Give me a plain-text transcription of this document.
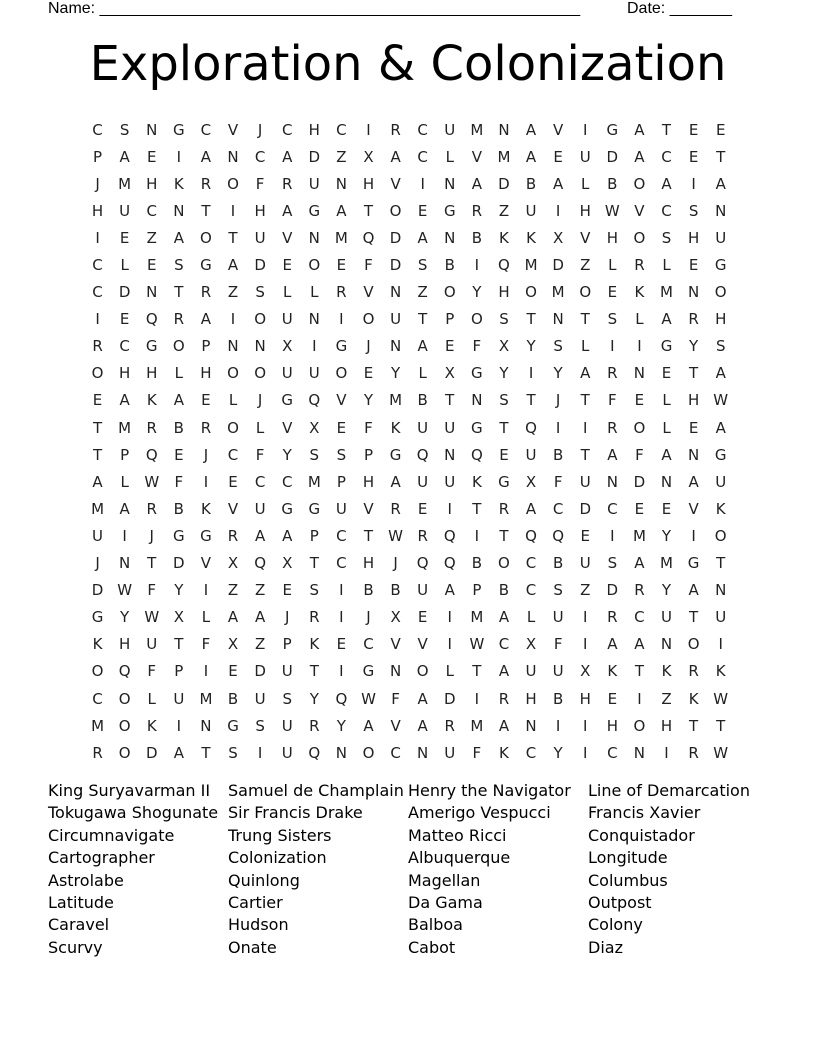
Name: ______________________________________________________	Date: _______
Exploration & Colonization
C	S	N	G	C	V	J	C	H	C	I	R	C	U	M	N	A	V	I	G	A	T	E	E
P	A	E	I	A	N	C	A	D	Z	X	A	C	L	V	M	A	E	U	D	A	C	E	T
J	M H	K	R	O	F	R	U	N	H	V	I	N	A	D	B	A	L	B	O	A	I	A
H	U	C	N	T	I	H	A	G	A	T	O	E	G	R	Z	U	I	H W V	C	S	N
I	E	Z	A	O	T	U	V	N	M Q	D	A	N	B	K	K	X	V	H	O	S	H	U
C	L	E	S	G	A	D	E	O	E	F	D	S	B	I	Q M D	Z	L	R	L	E	G
C	D	N	T	R	Z	S	L	L	R	V	N	Z	O	Y	H	O M O	E	K	M	N	O
I	E	Q	R	A	I	O	U	N	I	O	U	T	P	O	S	T	N	T	S	L	A	R	H
R	C	G	O	P	N	N	X	I	G	J	N	A	E	F	X	Y	S	L	I	I	G	Y	S
O	H	H	L	H	O	O	U	U	O	E	Y	L	X	G	Y	I	Y	A	R	N	E	T	A
E	A	K	A	E	L	J	G	Q	V	Y	M	B	T	N	S	T	J	T	F	E	L	H W
T	M	R	B	R	O	L	V	X	E	F	K	U	U	G	T	Q	I	I	R	O	L	E	A
T	P	Q	E	J	C	F	Y	S	S	P	G	Q	N	Q	E	U	B	T	A	F	A	N	G
A	L	W	F	I	E	C	C	M	P	H	A	U	U	K	G	X	F	U	N	D	N	A	U
M	A	R	B	K	V	U	G	G	U	V	R	E	I	T	R	A	C	D	C	E	E	V	K
U	I	J	G	G	R	A	A	P	C	T	W R	Q	I	T	Q	Q	E	I	M	Y	I	O
J	N	T	D	V	X	Q	X	T	C	H	J	Q	Q	B	O	C	B	U	S	A	M G	T
D W	F	Y	I	Z	Z	E	S	I	B	B	U	A	P	B	C	S	Z	D	R	Y	A	N
G	Y	W X	L	A	A	J	R	I	J	X	E	I	M	A	L	U	I	R	C	U	T	U
K	H	U	T	F	X	Z	P	K	E	C	V	V	I	W C	X	F	I	A	A	N	O	I
O	Q	F	P	I	E	D	U	T	I	G	N	O	L	T	A	U	U	X	K	T	K	R	K
C	O	L	U	M	B	U	S	Y	Q W	F	A	D	I	R	H	B	H	E	I	Z	K W
M O	K	I	N	G	S	U	R	Y	A	V	A	R	M	A	N	I	I	H	O	H	T	T
R	O	D	A	T	S	I	U	Q	N	O	C	N	U	F	K	C	Y	I	C	N	I	R W
King Suryavarman II
Tokugawa Shogunate
Circumnavigate
Cartographer
Astrolabe
Latitude
Caravel
Scurvy
Samuel de Champlain
Sir Francis Drake
Trung Sisters
Colonization
Quinlong
Cartier
Hudson
Onate
Henry the Navigator
Amerigo Vespucci
Matteo Ricci
Albuquerque
Magellan
Da Gama
Balboa
Cabot
Line of Demarcation
Francis Xavier
Conquistador
Longitude
Columbus
Outpost
Colony
Diaz
